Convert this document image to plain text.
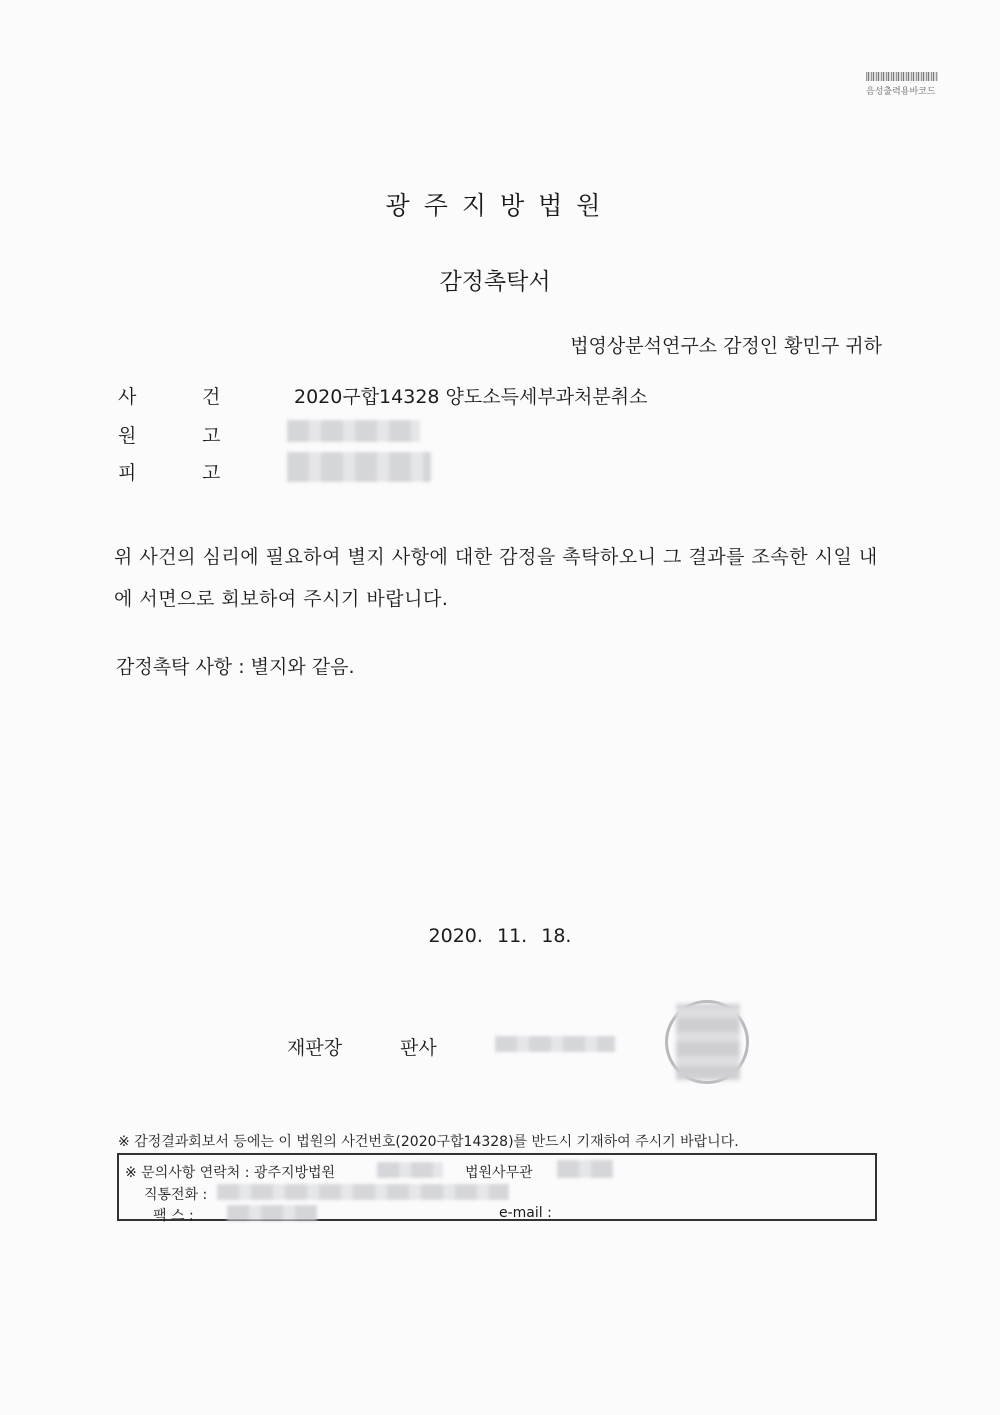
음성출력용바코드
광주지방법원
감정촉탁서
법영상분석연구소 감정인 황민구 귀하
사	건	2020구합14328 양도소득세부과처분취소
원	고
피	고
위 사건의 심리에 필요하여 별지 사항에 대한 감정을 촉탁하오니 그 결과를 조속한 시일 내에 서면으로 회보하여 주시기 바랍니다.
감정촉탁 사항 : 별지와 같음.
2020. 11. 18.
재판장	판사
※ 감정결과회보서 등에는 이 법원의 사건번호(2020구합14328)를 반드시 기재하여 주시기 바랍니다.
※ 문의사항 연락처 : 광주지방법원	법원사무관
직통전화 :
팩 스 :	e-mail :
